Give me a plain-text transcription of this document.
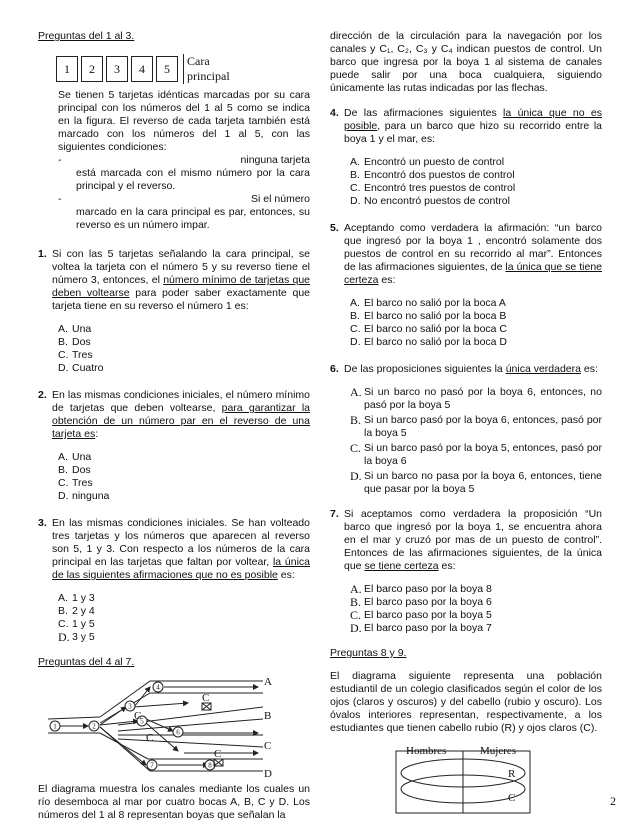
Preguntas del 1 al 3.

1	2	3	4	5
Cara
principal

Se tienen 5 tarjetas idénticas marcadas por su cara principal con los números del 1 al 5 como se indica en la figura. El reverso de cada tarjeta también está marcado con los números del 1 al 5, con las siguientes condiciones:

-	ninguna tarjeta
está marcada con el mismo número por la cara principal y el reverso.
-	Si el número
marcado en la cara principal es par, entonces, su reverso es un número impar.
1. Si con las 5 tarjetas señalando la cara principal, se voltea la tarjeta con el número 5 y su reverso tiene el número 3, entonces, el número mínimo de tarjetas que deben voltearse para poder saber exactamente que tarjeta tiene en su reverso el número 1 es:
A. Una
B. Dos
C. Tres
D. Cuatro
2. En las mismas condiciones iniciales, el número mínimo de tarjetas que deben voltearse, para garantizar la obtención de un número par en el reverso de una tarjeta es:
A. Una
B. Dos
C. Tres
D. ninguna
3. En las mismas condiciones iniciales. Se han volteado tres tarjetas y los números que aparecen al reverso son 5, 1 y 3. Con respecto a los números de la cara principal en las tarjetas que faltan por voltear, la única de las siguientes afirmaciones que no es posible es:
A. 1 y 3
B. 2 y 4
C. 1 y 5
D. 3 y 5

Preguntas del 4 al 7.

1	2
3
4
5
6
7	8
C
C
C
C
A
B
C
D

El diagrama muestra los canales mediante los cuales un río desemboca al mar por cuatro bocas A, B, C y D. Los números del 1 al 8 representan boyas que señalan la

dirección de la circulación para la navegación por los canales y C₁, C₂, C₃ y C₄ indican puestos de control. Un barco que ingresa por la boya 1 al sistema de canales puede salir por una boca cualquiera, siguiendo únicamente las rutas indicadas por las flechas.

4. De las afirmaciones siguientes la única que no es posible, para un barco que hizo su recorrido entre la boya 1 y el mar, es:
A. Encontró un puesto de control
B. Encontró dos puestos de control
C. Encontró tres puestos de control
D. No encontró puestos de control
5. Aceptando como verdadera la afirmación: “un barco que ingresó por la boya 1 , encontró solamente dos puestos de control en su recorrido al mar”. Entonces de las afirmaciones siguientes, de la única que se tiene certeza es:
A. El barco no salió por la boca A
B. El barco no salió por la boca B
C. El barco no salió por la boca C
D. El barco no salió por la boca D
6. De las proposiciones siguientes la única verdadera es:
A. Si un barco no pasó por la boya 6, entonces, no pasó por la boya 5
B. Si un barco pasó por la boya 6, entonces, pasó por la boya 5
C. Si un barco pasó por la boya 5, entonces, pasó por la boya 6
D. Si un barco no pasa por la boya 6, entonces, tiene que pasar por la boya 5
7. Si aceptamos como verdadera la proposición “Un barco que ingresó por la boya 1, se encuentra ahora en el mar y cruzó por mas de un puesto de control”. Entonces de las afirmaciones siguientes, de la única que se tiene certeza es:
A. El barco paso por la boya 8
B. El barco paso por la boya 6
C. El barco paso por la boya 5
D. El barco paso por la boya 7

Preguntas 8 y 9.

El diagrama siguiente representa una población estudiantil de un colegio clasificados según el color de los ojos (claros y oscuros) y del cabello (rubio y oscuro). Los óvalos interiores representan, respectivamente, a los estudiantes que tienen cabello rubio (R) y ojos claros (C).

Hombres	Mujeres
R
C	2
